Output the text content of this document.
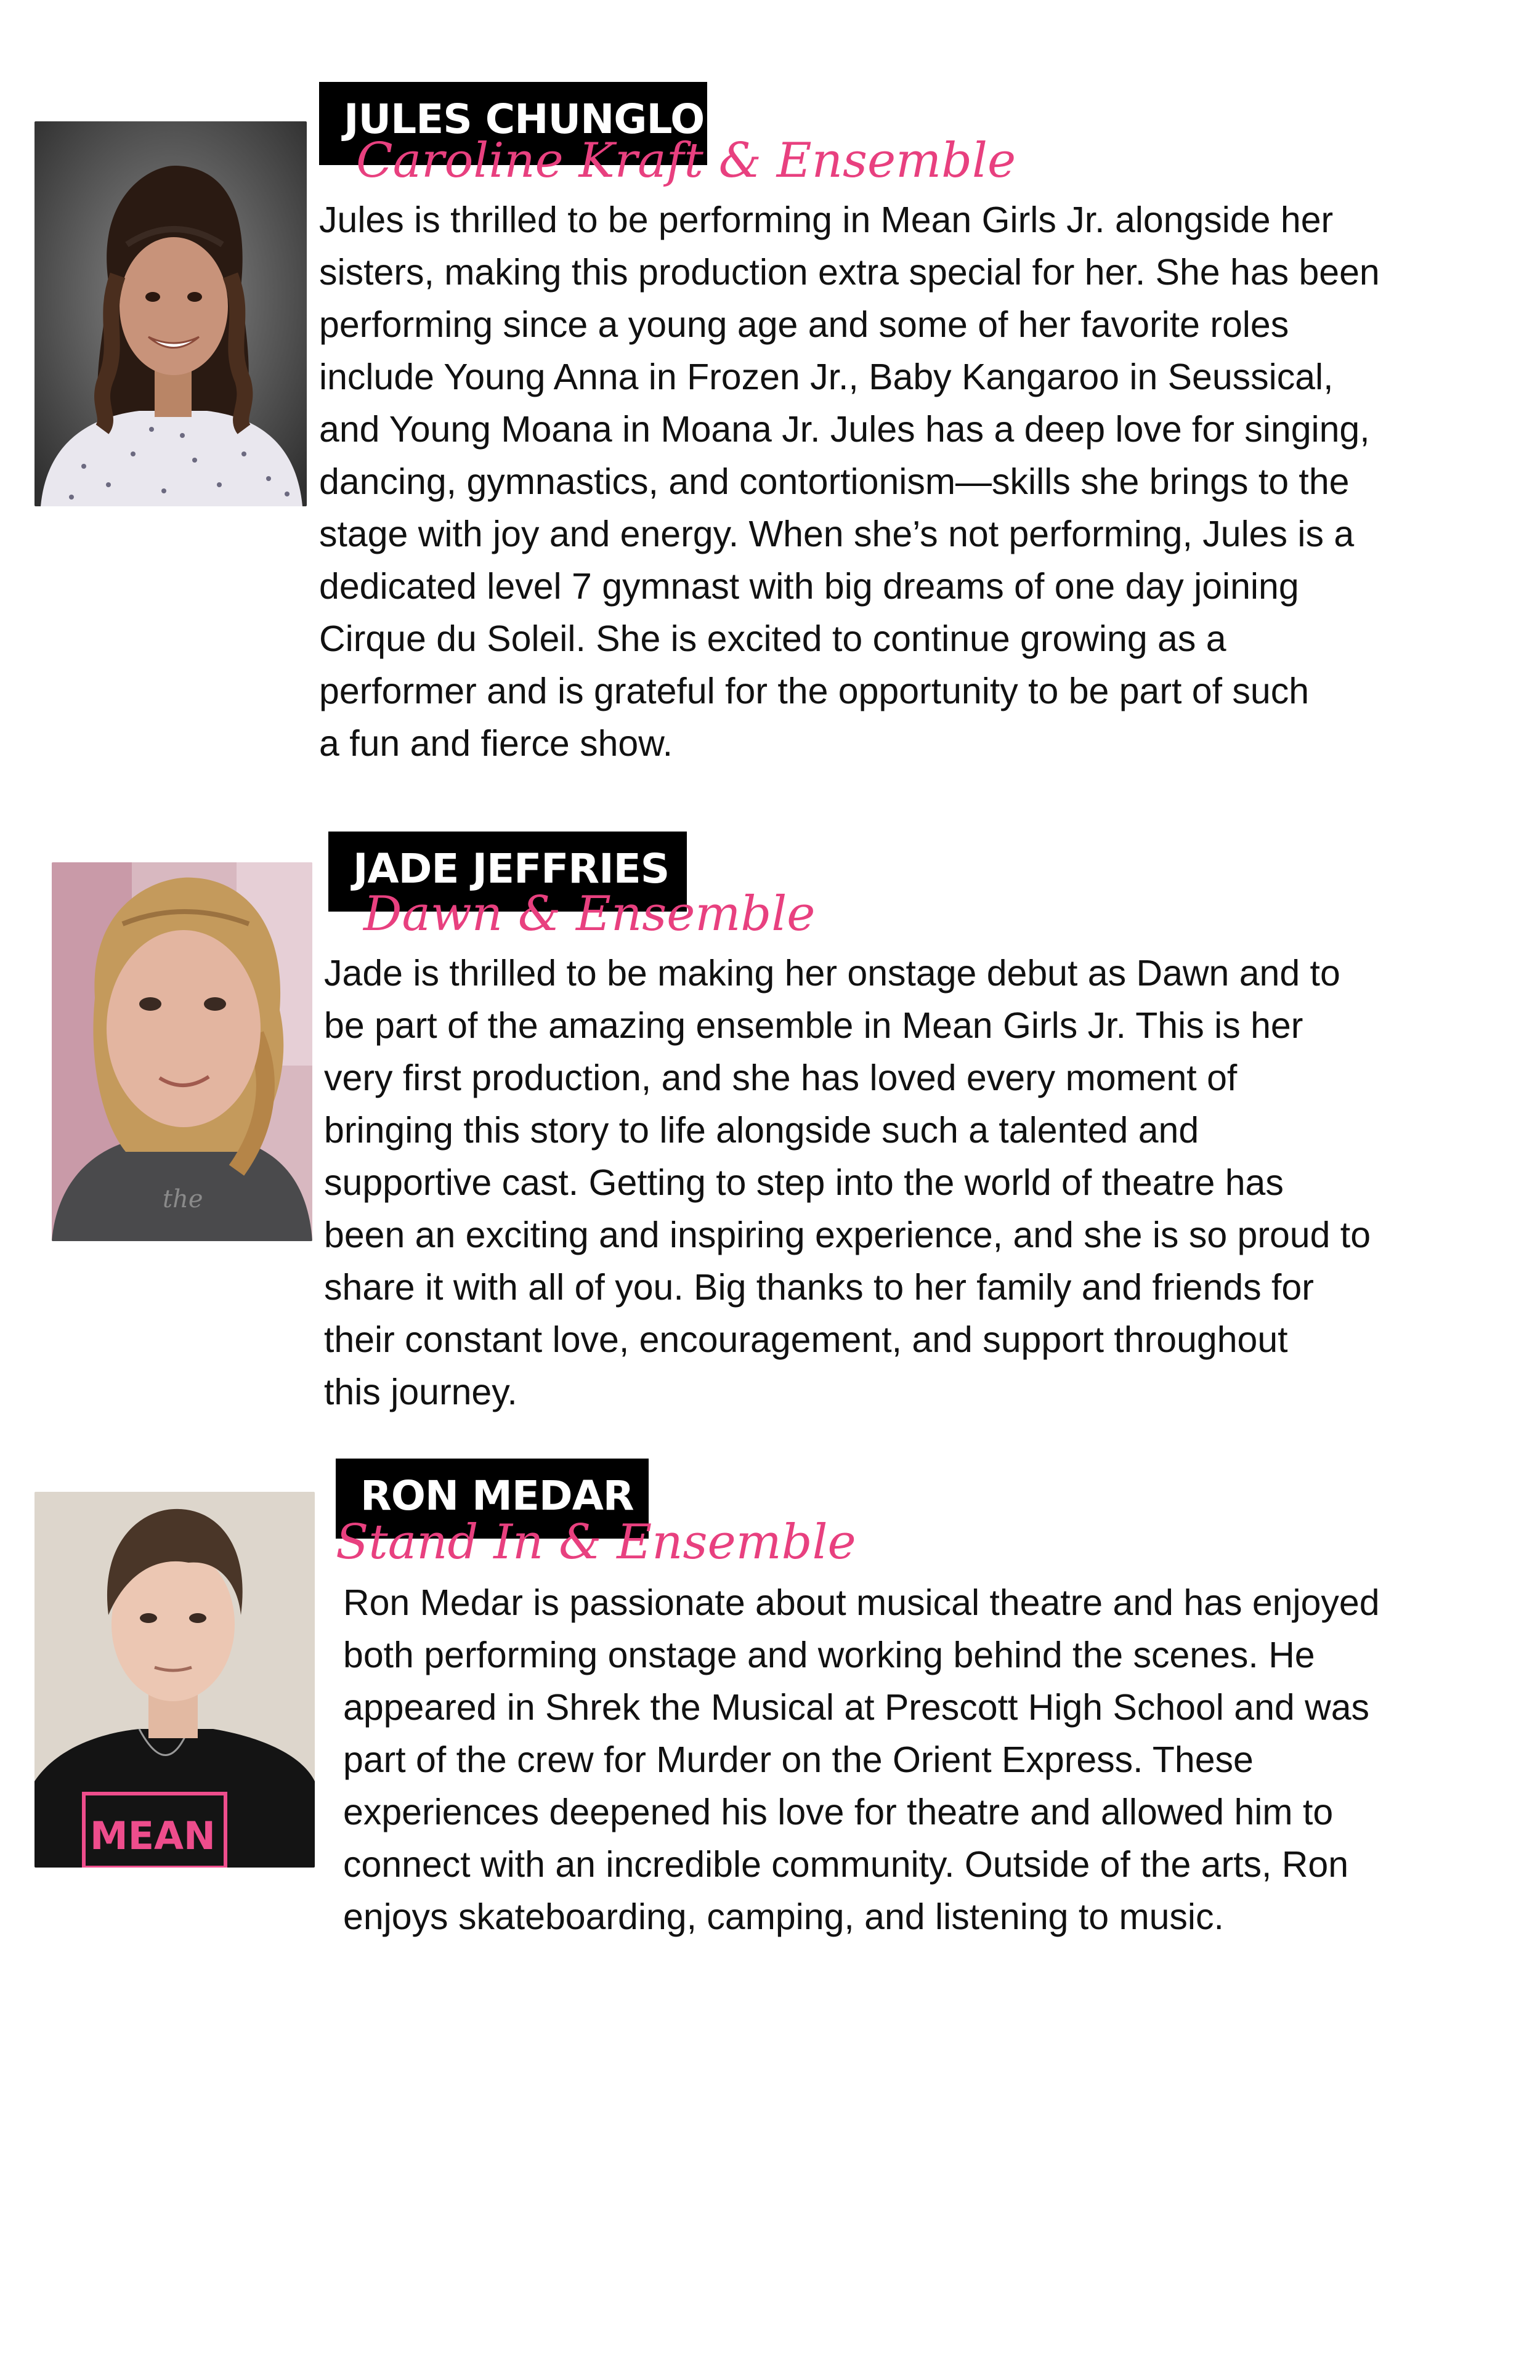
JULES CHUNGLO
Caroline Kraft & Ensemble
Jules is thrilled to be performing in Mean Girls Jr. alongside her
sisters, making this production extra special for her. She has been
performing since a young age and some of her favorite roles
include Young Anna in Frozen Jr., Baby Kangaroo in Seussical,
and Young Moana in Moana Jr. Jules has a deep love for singing,
dancing, gymnastics, and contortionism—skills she brings to the
stage with joy and energy. When she’s not performing, Jules is a
dedicated level 7 gymnast with big dreams of one day joining
Cirque du Soleil. She is excited to continue growing as a
performer and is grateful for the opportunity to be part of such
a fun and fierce show.
the
JADE JEFFRIES
Dawn & Ensemble
Jade is thrilled to be making her onstage debut as Dawn and to
be part of the amazing ensemble in Mean Girls Jr. This is her
very first production, and she has loved every moment of
bringing this story to life alongside such a talented and
supportive cast. Getting to step into the world of theatre has
been an exciting and inspiring experience, and she is so proud to
share it with all of you. Big thanks to her family and friends for
their constant love, encouragement, and support throughout
this journey.
MEAN
RON MEDAR
Stand In & Ensemble
Ron Medar is passionate about musical theatre and has enjoyed
both performing onstage and working behind the scenes. He
appeared in Shrek the Musical at Prescott High School and was
part of the crew for Murder on the Orient Express. These
experiences deepened his love for theatre and allowed him to
connect with an incredible community. Outside of the arts, Ron
enjoys skateboarding, camping, and listening to music.
